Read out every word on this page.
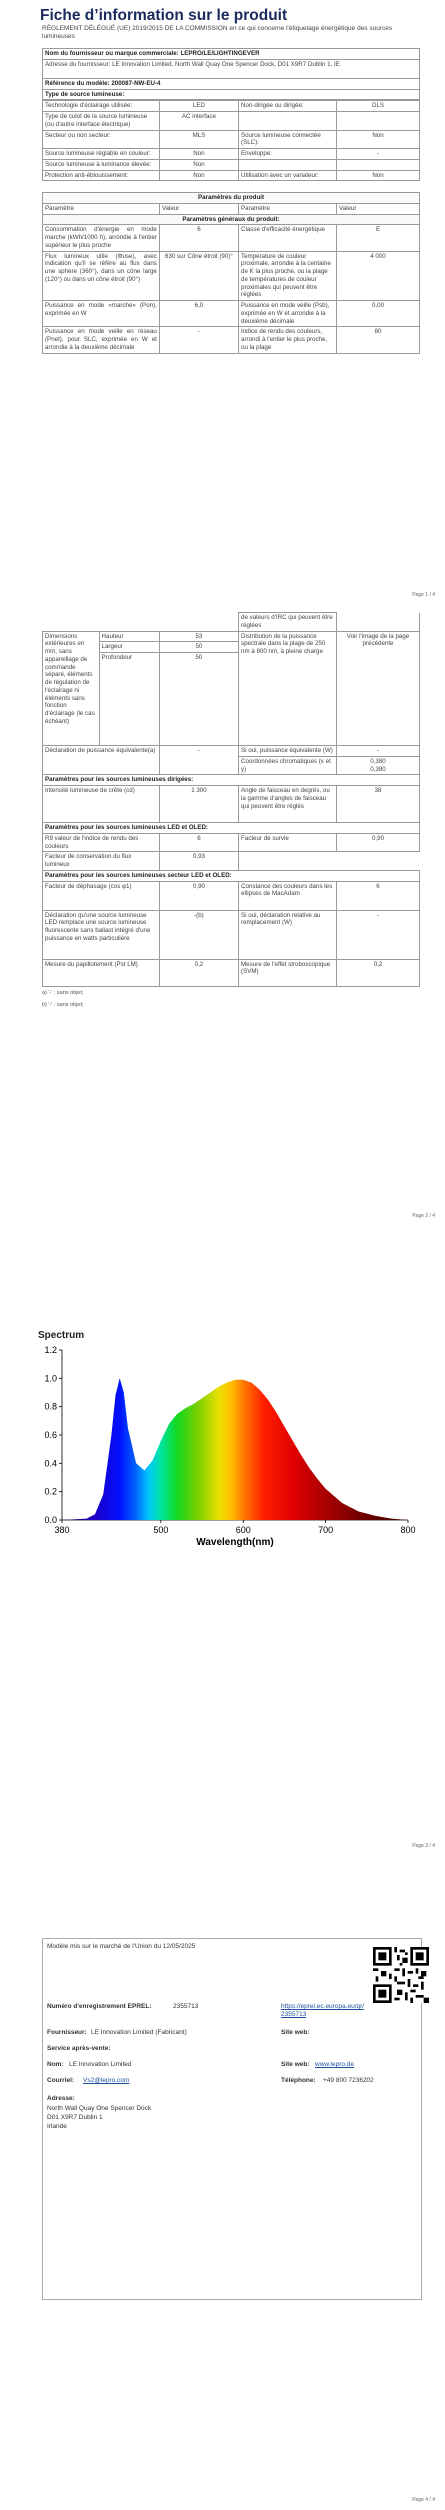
Fiche d’information sur le produit
RÈGLEMENT DÉLÉGUÉ (UE) 2019/2015 DE LA COMMISSION en ce qui concerne l'étiquetage énergétique des sources lumineuses
Nom du fournisseur ou marque commerciale: LEPRO/LE/LIGHTINGEVER
Adresse du fournisseur: LE Innovation Limited, North Wall Quay One Spencer Dock, D01 X9R7 Dublin 1, IE
Référence du modèle: 200087-NW-EU-4
Type de source lumineuse:
Technologie d'éclairage utilisée:	LED	Non-dirigée ou dirigée:	DLS
Type de culot de la source lumineuse (ou d'autre interface électrique)	AC interface		
Secteur ou non secteur:	MLS	Source lumineuse connectée (SLC):	Non
Source lumineuse réglable en couleur:	Non	Enveloppe:	-
Source lumineuse à luminance élevée:	Non		
Protection anti-éblouissement:	Non	Utilisation avec un variateur:	Non
Paramètres du produit			
Paramètre	Valeur	Paramètre	Valeur
Paramètres généraux du produit:			
Consommation d'énergie en mode marche (kWh/1000 h), arrondie à l'entier supérieur le plus proche	6	Classe d'efficacité énergétique	E
Flux lumineux utile (Φuse), avec indication qu'il se réfère au flux dans une sphère (360°), dans un cône large (120°) ou dans un cône étroit (90°)	630 sur Cône étroit (90)°	Température de couleur proximale, arrondie à la centaine de K la plus proche, ou la plage de températures de couleur proximales qui peuvent être réglées	4 000
Puissance en mode «marche» (Pon), exprimée en W	6,0	Puissance en mode veille (Psb), exprimée en W et arrondie à la deuxième décimale	0,00
Puissance en mode veille en réseau (Pnet), pour SLC, exprimée en W et arrondie à la deuxième décimale	-	Indice de rendu des couleurs, arrondi à l'entier le plus proche, ou la plage	80
Page 1 / 4
			de valeurs d'IRC qui peuvent être réglées	
Dimensions extérieures en mm, sans appareillage de commande séparé, éléments de régulation de l'éclairage ni éléments sans fonction d'éclairage (le cas échéant)	Hauteur	53	Distribution de la puissance spectrale dans la plage de 250 nm à 800 nm, à pleine charge	Voir l'image de la page précédente
	Largeur	50		
	Profondeur	50		
Déclaration de puissance équivalente(a)		-	Si oui, puissance équivalente (W)	-
			Coordonnées chromatiques (x et y)	0,380
0,380
Paramètres pour les sources lumineuses dirigées:				
Intensité lumineuse de crête (cd)		1 300	Angle de faisceau en degrés, ou la gamme d'angles de faisceau qui peuvent être réglés	38
Paramètres pour les sources lumineuses LED et OLED:				
R9 valeur de l'indice de rendu des couleurs		6	Facteur de survie	0,90
Facteur de conservation du flux lumineux		0,93		
Paramètres pour les sources lumineuses secteur LED et OLED:				
Facteur de déphasage (cos φ1)		0,90	Constance des couleurs dans les ellipses de MacAdam	6
Déclaration qu'une source lumineuse LED remplace une source lumineuse fluorescente sans ballast intégré d'une puissance en watts particulière		-(b)	Si oui, déclaration relative au remplacement (W)	-
Mesure du papillotement (Pst LM)		0,2	Mesure de l'effet stroboscopique (SVM)	0,2
a) '-' : sans objet;
b) '-' : sans objet;
Page 2 / 4
Spectrum
0.0
0.2
0.4
0.6
0.8
1.0
1.2
380	500	600	700	800
Wavelength(nm)
Page 3 / 4
Modèle mis sur le marché de l'Union du 12/05/2025
Numéro d'enregistrement EPREL:	2355713	https://eprel.ec.europa.eu/qr/2355713
Fournisseur: LE Innovation Limited (Fabricant)	Site web:
Service après-vente:
Nom: LE Innovation Limited	Site web: www.lepro.de
Courriel: Vs2@lepro.com	Téléphone: +49 800 7236202
Adresse:
North Wall Quay One Spencer Dock
D01 X9R7 Dublin 1
Irlande
Page 4 / 4
